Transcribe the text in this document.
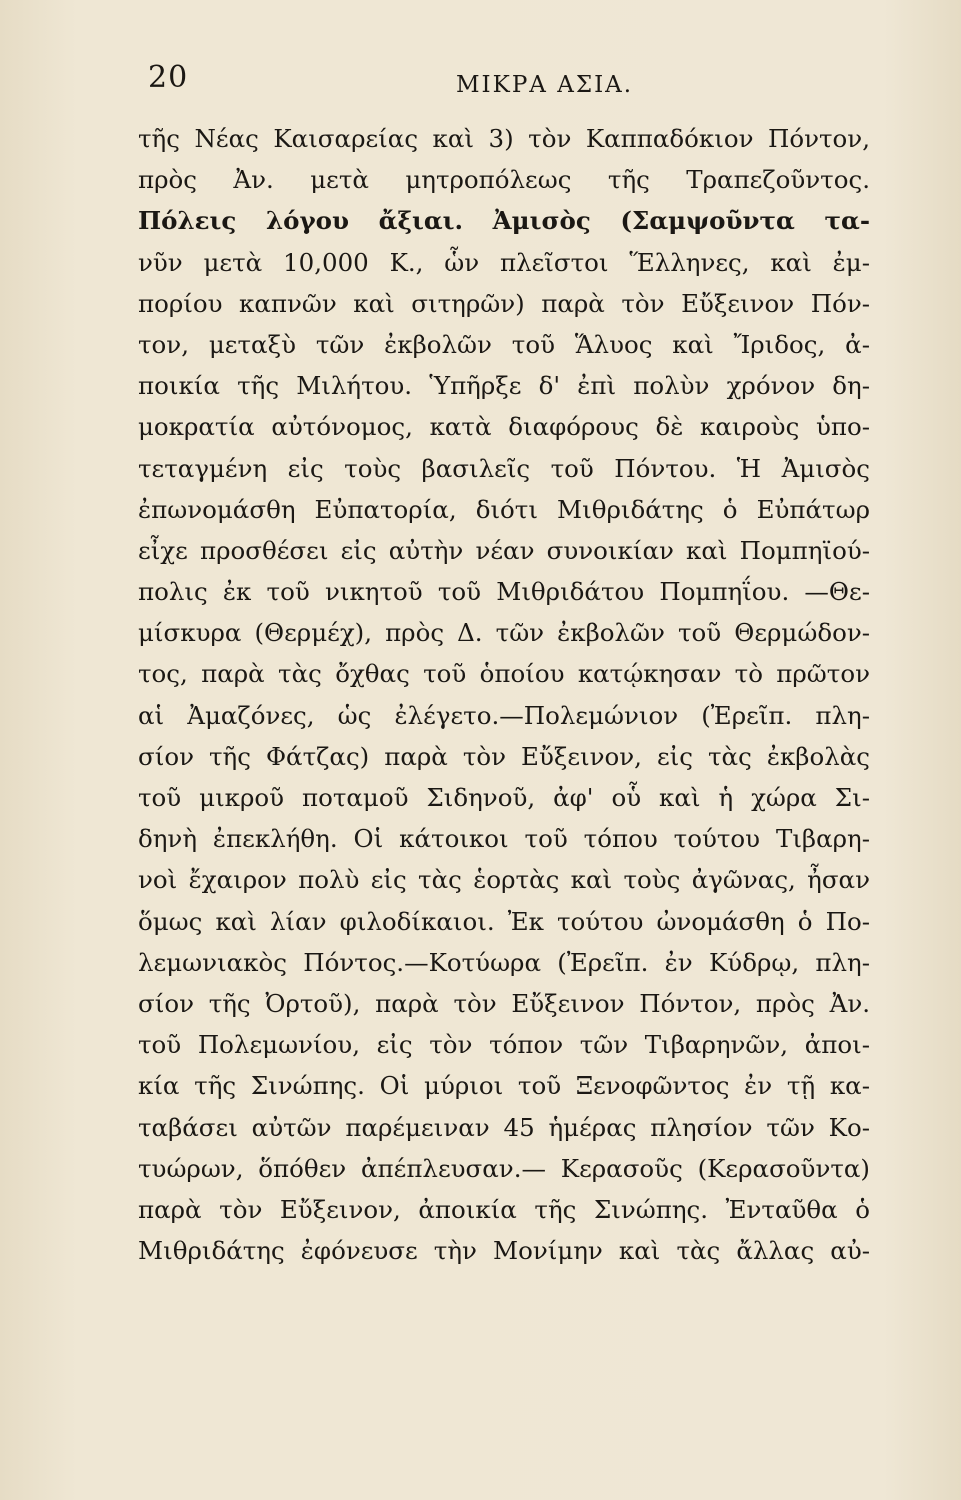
20	ΜΙΚΡΑ ΑΣΙΑ.
τῆς Νέας Καισαρείας καὶ 3) τὸν Καππαδόκιον Πόντον,
πρὸς Ἀν. μετὰ μητροπόλεως τῆς Τραπεζοῦντος.
Πόλεις λόγου ἄξιαι. Ἀμισὸς (Σαμψοῦντα τα-
νῦν μετὰ 10,000 Κ., ὧν πλεῖστοι Ἕλληνες, καὶ ἐμ-
πορίου καπνῶν καὶ σιτηρῶν) παρὰ τὸν Εὔξεινον Πόν-
τον, μεταξὺ τῶν ἐκβολῶν τοῦ Ἅλυος καὶ Ἴριδος, ἀ-
ποικία τῆς Μιλήτου. Ὑπῆρξε δ' ἐπὶ πολὺν χρόνον δη-
μοκρατία αὐτόνομος, κατὰ διαφόρους δὲ καιροὺς ὑπο-
τεταγμένη εἰς τοὺς βασιλεῖς τοῦ Πόντου. Ἡ Ἀμισὸς
ἐπωνομάσθη Εὐπατορία, διότι Μιθριδάτης ὁ Εὐπάτωρ
εἶχε προσθέσει εἰς αὐτὴν νέαν συνοικίαν καὶ Πομπηϊού-
πολις ἐκ τοῦ νικητοῦ τοῦ Μιθριδάτου Πομπηΐου. —Θε-
μίσκυρα (Θερμέχ), πρὸς Δ. τῶν ἐκβολῶν τοῦ Θερμώδον-
τος, παρὰ τὰς ὄχθας τοῦ ὁποίου κατῴκησαν τὸ πρῶτον
αἱ Ἀμαζόνες, ὡς ἐλέγετο.—Πολεμώνιον (Ἐρεῖπ. πλη-
σίον τῆς Φάτζας) παρὰ τὸν Εὔξεινον, εἰς τὰς ἐκβολὰς
τοῦ μικροῦ ποταμοῦ Σιδηνοῦ, ἀφ' οὗ καὶ ἡ χώρα Σι-
δηνὴ ἐπεκλήθη. Οἱ κάτοικοι τοῦ τόπου τούτου Τιβαρη-
νοὶ ἔχαιρον πολὺ εἰς τὰς ἑορτὰς καὶ τοὺς ἀγῶνας, ἦσαν
ὅμως καὶ λίαν φιλοδίκαιοι. Ἐκ τούτου ὠνομάσθη ὁ Πο-
λεμωνιακὸς Πόντος.—Κοτύωρα (Ἐρεῖπ. ἐν Κύδρῳ, πλη-
σίον τῆς Ὀρτοῦ), παρὰ τὸν Εὔξεινον Πόντον, πρὸς Ἀν.
τοῦ Πολεμωνίου, εἰς τὸν τόπον τῶν Τιβαρηνῶν, ἀποι-
κία τῆς Σινώπης. Οἱ μύριοι τοῦ Ξενοφῶντος ἐν τῇ κα-
ταβάσει αὐτῶν παρέμειναν 45 ἡμέρας πλησίον τῶν Κο-
τυώρων, ὅπόθεν ἀπέπλευσαν.— Κερασοῦς (Κερασοῦντα)
παρὰ τὸν Εὔξεινον, ἀποικία τῆς Σινώπης. Ἐνταῦθα ὁ
Μιθριδάτης ἐφόνευσε τὴν Μονίμην καὶ τὰς ἄλλας αὐ-
